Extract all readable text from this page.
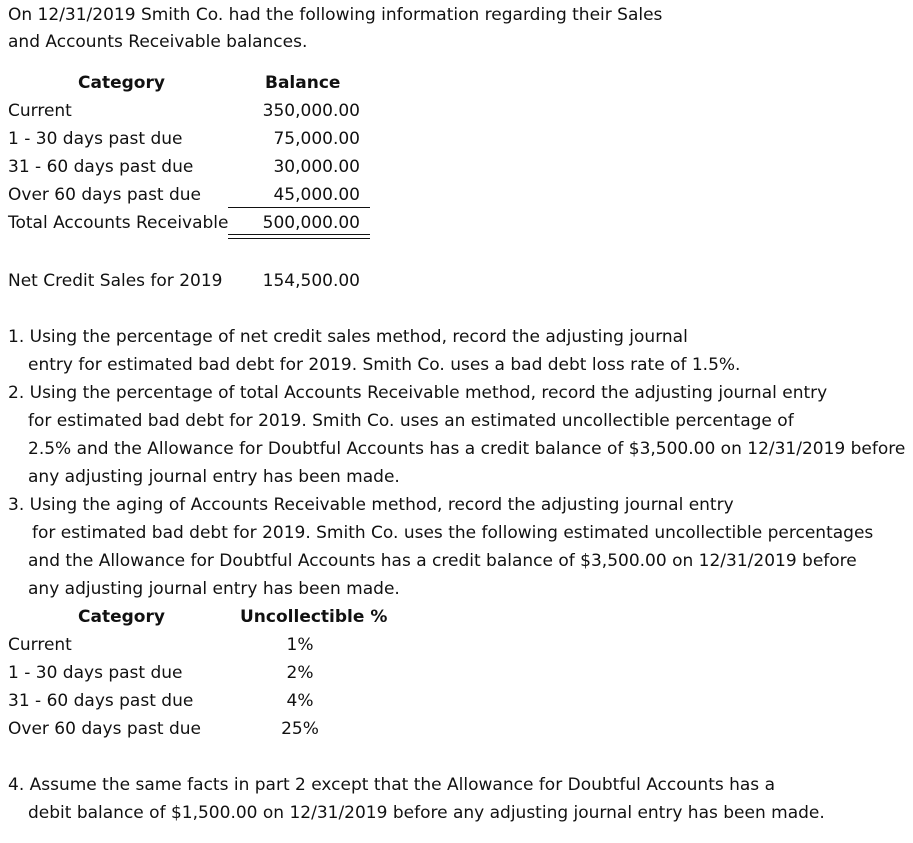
On 12/31/2019 Smith Co. had the following information regarding their Sales
and Accounts Receivable balances.
Category	Balance
Current	350,000.00
1 - 30 days past due	75,000.00
31 - 60 days past due	30,000.00
Over 60 days past due	45,000.00
Total Accounts Receivable	500,000.00
Net Credit Sales for 2019	154,500.00
1. Using the percentage of net credit sales method, record the adjusting journal
entry for estimated bad debt for 2019. Smith Co. uses a bad debt loss rate of 1.5%.
2. Using the percentage of total Accounts Receivable method, record the adjusting journal entry
for estimated bad debt for 2019. Smith Co. uses an estimated uncollectible percentage of
2.5% and the Allowance for Doubtful Accounts has a credit balance of $3,500.00 on 12/31/2019 before
any adjusting journal entry has been made.
3. Using the aging of Accounts Receivable method, record the adjusting journal entry
for estimated bad debt for 2019. Smith Co. uses the following estimated uncollectible percentages
and the Allowance for Doubtful Accounts has a credit balance of $3,500.00 on 12/31/2019 before
any adjusting journal entry has been made.
Category	Uncollectible %
Current	1%
1 - 30 days past due	2%
31 - 60 days past due	4%
Over 60 days past due	25%
4. Assume the same facts in part 2 except that the Allowance for Doubtful Accounts has a
debit balance of $1,500.00 on 12/31/2019 before any adjusting journal entry has been made.
